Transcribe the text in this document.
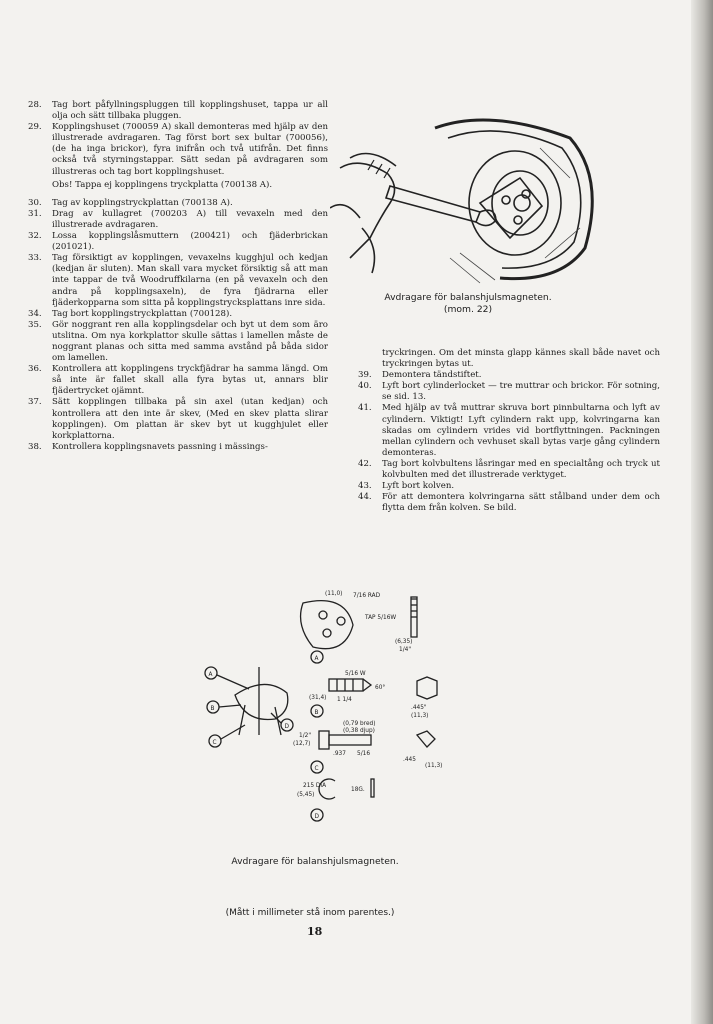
28.	Tag bort påfyllningspluggen till kopplingshuset, tappa ur all olja och sätt tillbaka pluggen.
29.	Kopplingshuset (700059 A) skall demonteras med hjälp av den illustrerade avdragaren. Tag först bort sex bultar (700056), (de ha inga brickor), fyra inifrån och två utifrån. Det finns också två styrningstappar. Sätt sedan på avdragaren som illustreras och tag bort kopplingshuset.
Obs! Tappa ej kopplingens tryckplatta (700138 A).
30.	Tag av kopplingstryckplattan (700138 A).
31.	Drag av kullagret (700203 A) till vevaxeln med den illustrerade avdragaren.
32.	Lossa kopplingslåsmuttern (200421) och fjäderbrickan (201021).
33.	Tag försiktigt av kopplingen, vevaxelns kugghjul och kedjan (kedjan är sluten). Man skall vara mycket försiktig så att man inte tappar de två Woodruffkilarna (en på vevaxeln och den andra på kopplingsaxeln), de fyra fjädrarna eller fjäderkopparna som sitta på kopplingstrycksplattans inre sida.
34.	Tag bort kopplingstryckplattan (700128).
35.	Gör noggrant ren alla kopplingsdelar och byt ut dem som äro utslitna. Om nya korkplattor skulle sättas i lamellen måste de noggrant planas och sitta med samma avstånd på båda sidor om lamellen.
36.	Kontrollera att kopplingens tryckfjädrar ha samma längd. Om så inte är fallet skall alla fyra bytas ut, annars blir fjädertrycket ojämnt.
37.	Sätt kopplingen tillbaka på sin axel (utan kedjan) och kontrollera att den inte är skev, (Med en skev platta slirar kopplingen). Om plattan är skev byt ut kugghjulet eller korkplattorna.
38.	Kontrollera kopplingsnavets passning i mässings-
tryckringen. Om det minsta glapp kännes skall både navet och tryckringen bytas ut.
39.	Demontera tändstiftet.
40.	Lyft bort cylinderlocket — tre muttrar och brickor. För sotning, se sid. 13.
41.	Med hjälp av två muttrar skruva bort pinnbultarna och lyft av cylindern. Viktigt! Lyft cylindern rakt upp, kolvringarna kan skadas om cylindern vrides vid bortflyttningen. Packningen mellan cylindern och vevhuset skall bytas varje gång cylindern demonteras.
42.	Tag bort kolvbultens låsringar med en specialtång och tryck ut kolvbulten med det illustrerade verktyget.
43.	Lyft bort kolven.
44.	För att demontera kolvringarna sätt stålband under dem och flytta dem från kolven. Se bild.
Avdragare för balanshjulsmagneten.
(mom. 22)
A
A
B
C
D
B
C
D
(11,0) 7/16 RAD
TAP 5/16W
(6,35)
1/4"
5/16 W
60°
(31,4) 1 1/4
.445"
(11,3)
(0,79 bred)
(0,38 djup)
1/2"
(12,7)
.937 5/16
.445
(11,3)
215 DIA
(5,45)
18G.
Avdragare för balanshjulsmagneten.
(Mått i millimeter stå inom parentes.)
18
